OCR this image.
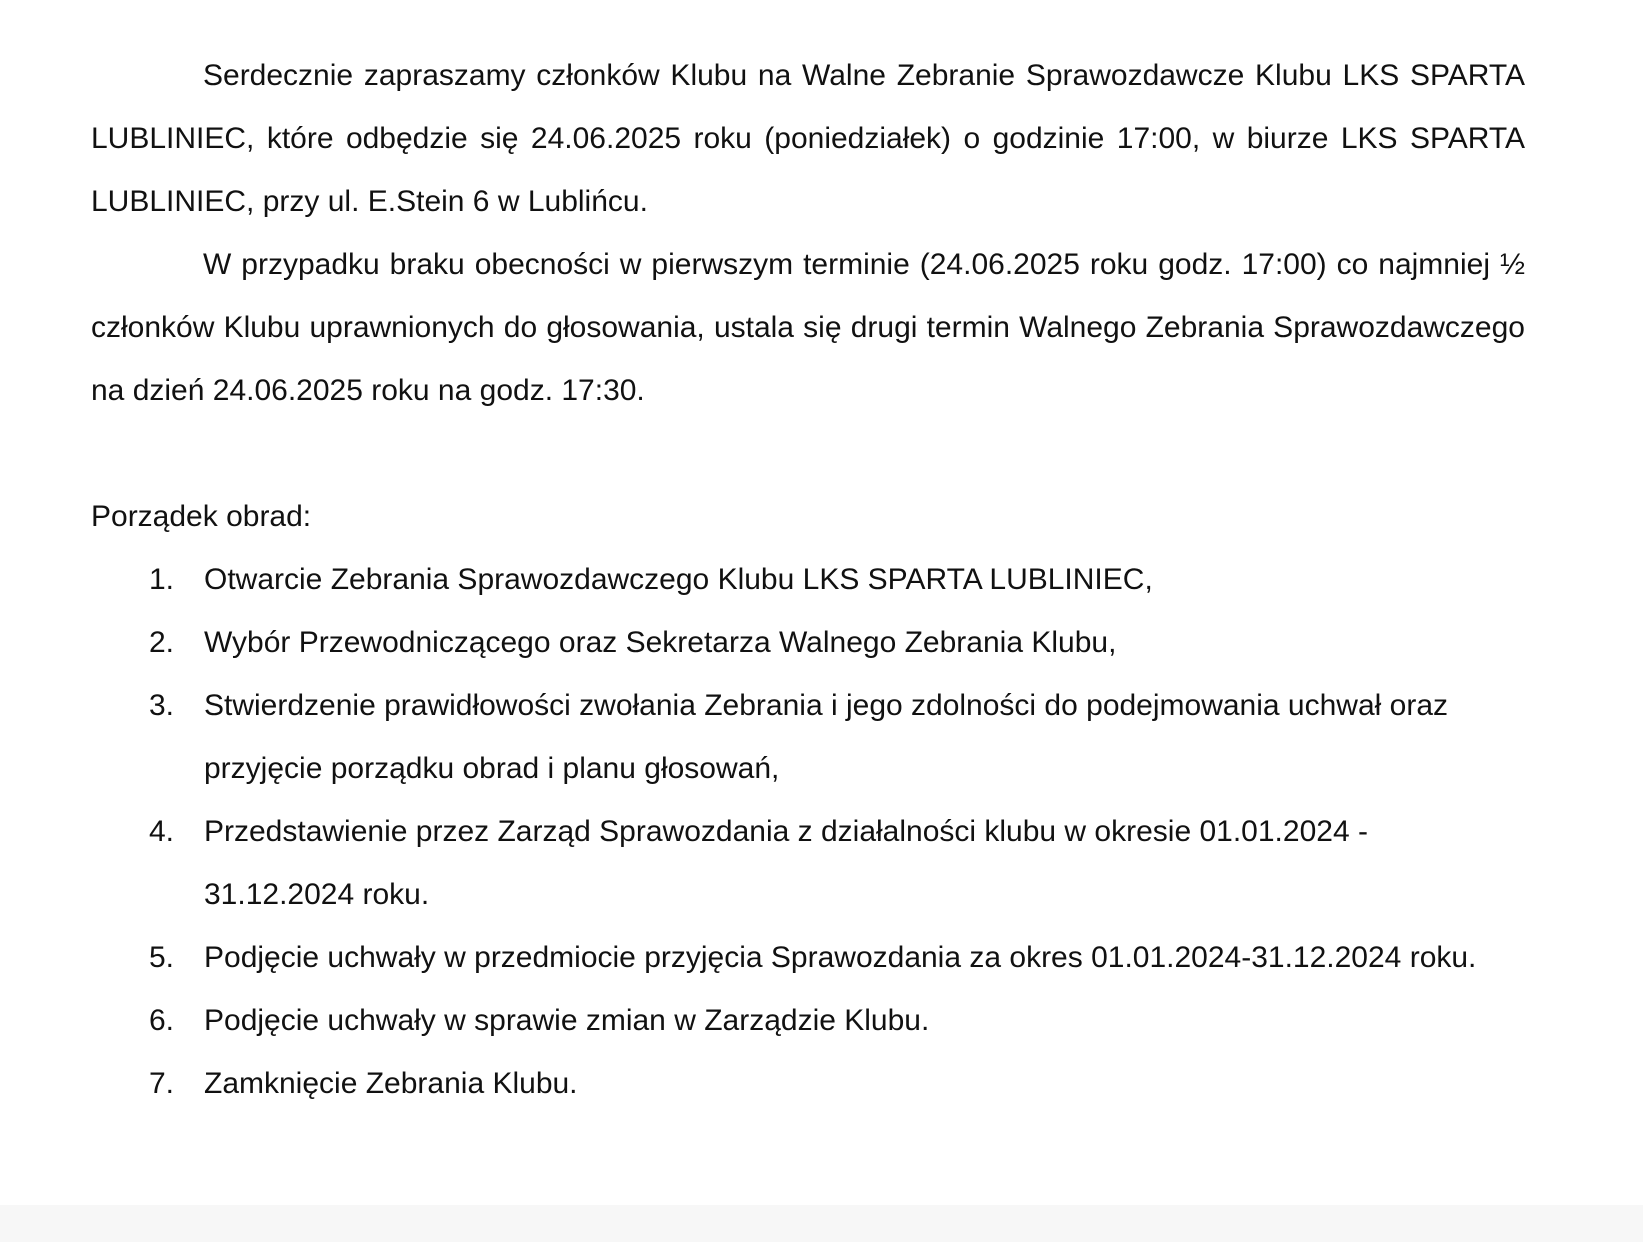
Serdecznie zapraszamy członków Klubu na Walne Zebranie Sprawozdawcze Klubu LKS SPARTA LUBLINIEC, które odbędzie się 24.06.2025 roku (poniedziałek) o godzinie 17:00, w biurze LKS SPARTA LUBLINIEC, przy ul. E.Stein 6 w Lublińcu.

W przypadku braku obecności w pierwszym terminie (24.06.2025 roku godz. 17:00) co najmniej ½ członków Klubu uprawnionych do głosowania, ustala się drugi termin Walnego Zebrania Sprawozdawczego na dzień 24.06.2025 roku na godz. 17:30.

Porządek obrad:

1.	Otwarcie Zebrania Sprawozdawczego Klubu LKS SPARTA LUBLINIEC,
2.	Wybór Przewodniczącego oraz Sekretarza Walnego Zebrania Klubu,
3.	Stwierdzenie prawidłowości zwołania Zebrania i jego zdolności do podejmowania uchwał oraz przyjęcie porządku obrad i planu głosowań,
4.	Przedstawienie przez Zarząd Sprawozdania z działalności klubu w okresie 01.01.2024 - 31.12.2024 roku.
5.	Podjęcie uchwały w przedmiocie przyjęcia Sprawozdania za okres 01.01.2024-31.12.2024 roku.
6.	Podjęcie uchwały w sprawie zmian w Zarządzie Klubu.
7.	Zamknięcie Zebrania Klubu.
